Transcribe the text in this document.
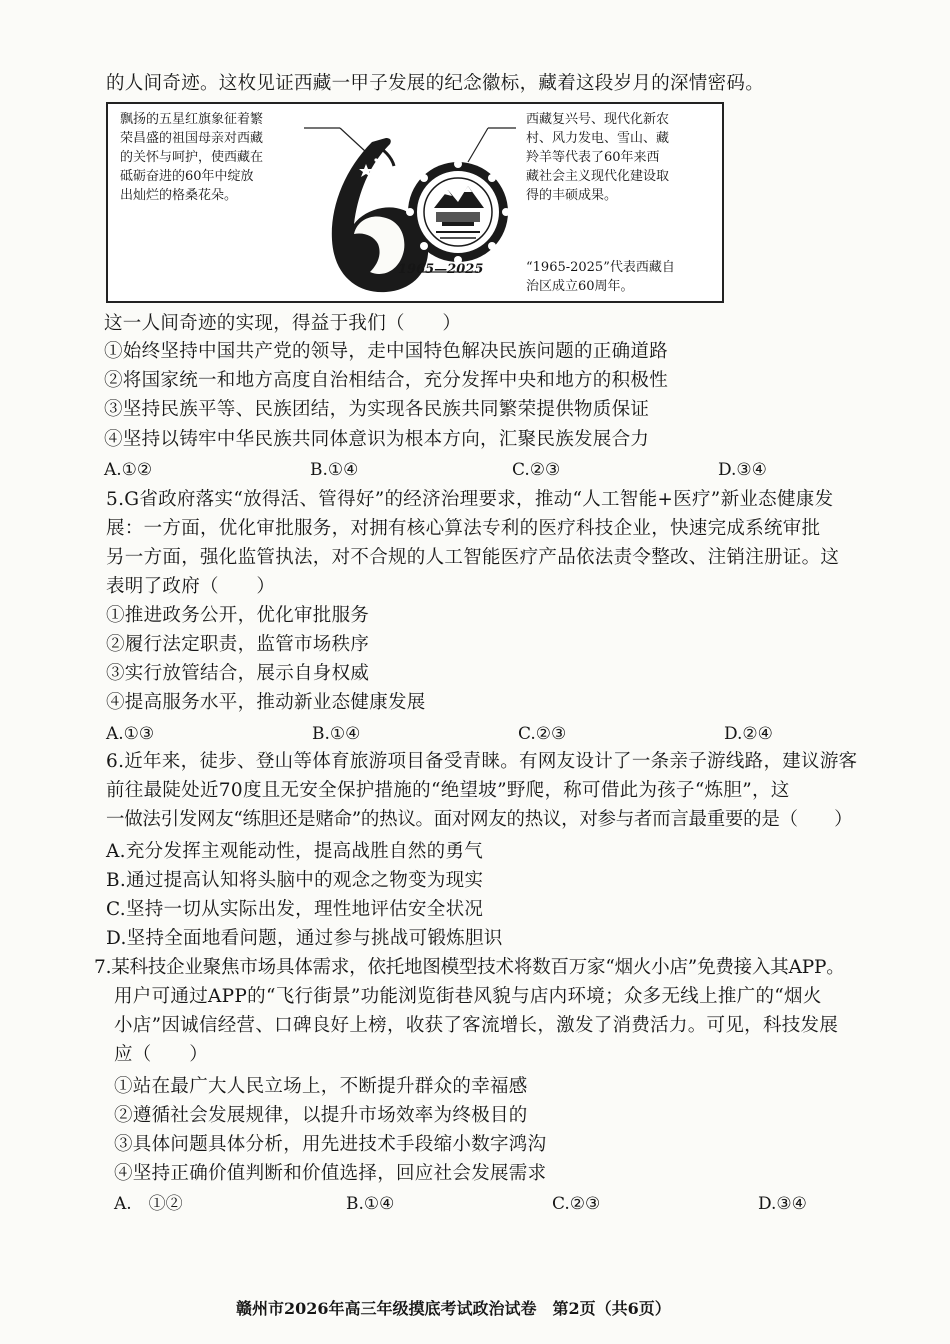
的人间奇迹。这枚见证西藏一甲子发展的纪念徽标，藏着这段岁月的深情密码。
飘扬的五星红旗象征着繁
荣昌盛的祖国母亲对西藏
的关怀与呵护，使西藏在
砥砺奋进的60年中绽放
出灿烂的格桑花朵。
1965—2025
西藏复兴号、现代化新农
村、风力发电、雪山、藏
羚羊等代表了60年来西
藏社会主义现代化建设取
得的丰硕成果。
“1965-2025”代表西藏自
治区成立60周年。
这一人间奇迹的实现，得益于我们（　　）
①始终坚持中国共产党的领导，走中国特色解决民族问题的正确道路
②将国家统一和地方高度自治相结合，充分发挥中央和地方的积极性
③坚持民族平等、民族团结，为实现各民族共同繁荣提供物质保证
④坚持以铸牢中华民族共同体意识为根本方向，汇聚民族发展合力
A.①②	B.①④	C.②③	D.③④
5.G省政府落实“放得活、管得好”的经济治理要求，推动“人工智能+医疗”新业态健康发
展：一方面，优化审批服务，对拥有核心算法专利的医疗科技企业，快速完成系统审批
另一方面，强化监管执法，对不合规的人工智能医疗产品依法责令整改、注销注册证。这
表明了政府（　　）
①推进政务公开，优化审批服务
②履行法定职责，监管市场秩序
③实行放管结合，展示自身权威
④提高服务水平，推动新业态健康发展
A.①③	B.①④	C.②③	D.②④
6.近年来，徒步、登山等体育旅游项目备受青睐。有网友设计了一条亲子游线路，建议游客
前往最陡处近70度且无安全保护措施的“绝望坡”野爬，称可借此为孩子“炼胆”，这
一做法引发网友“练胆还是赌命”的热议。面对网友的热议，对参与者而言最重要的是（　　）
A.充分发挥主观能动性，提高战胜自然的勇气
B.通过提高认知将头脑中的观念之物变为现实
C.坚持一切从实际出发，理性地评估安全状况
D.坚持全面地看问题，通过参与挑战可锻炼胆识
7.某科技企业聚焦市场具体需求，依托地图模型技术将数百万家“烟火小店”免费接入其APP。
用户可通过APP的“飞行街景”功能浏览街巷风貌与店内环境；众多无线上推广的“烟火
小店”因诚信经营、口碑良好上榜，收获了客流增长，激发了消费活力。可见，科技发展
应（　　）
①站在最广大人民立场上，不断提升群众的幸福感
②遵循社会发展规律，以提升市场效率为终极目的
③具体问题具体分析，用先进技术手段缩小数字鸿沟
④坚持正确价值判断和价值选择，回应社会发展需求
A.　①②	B.①④	C.②③	D.③④
赣州市2026年高三年级摸底考试政治试卷　第2页（共6页）
